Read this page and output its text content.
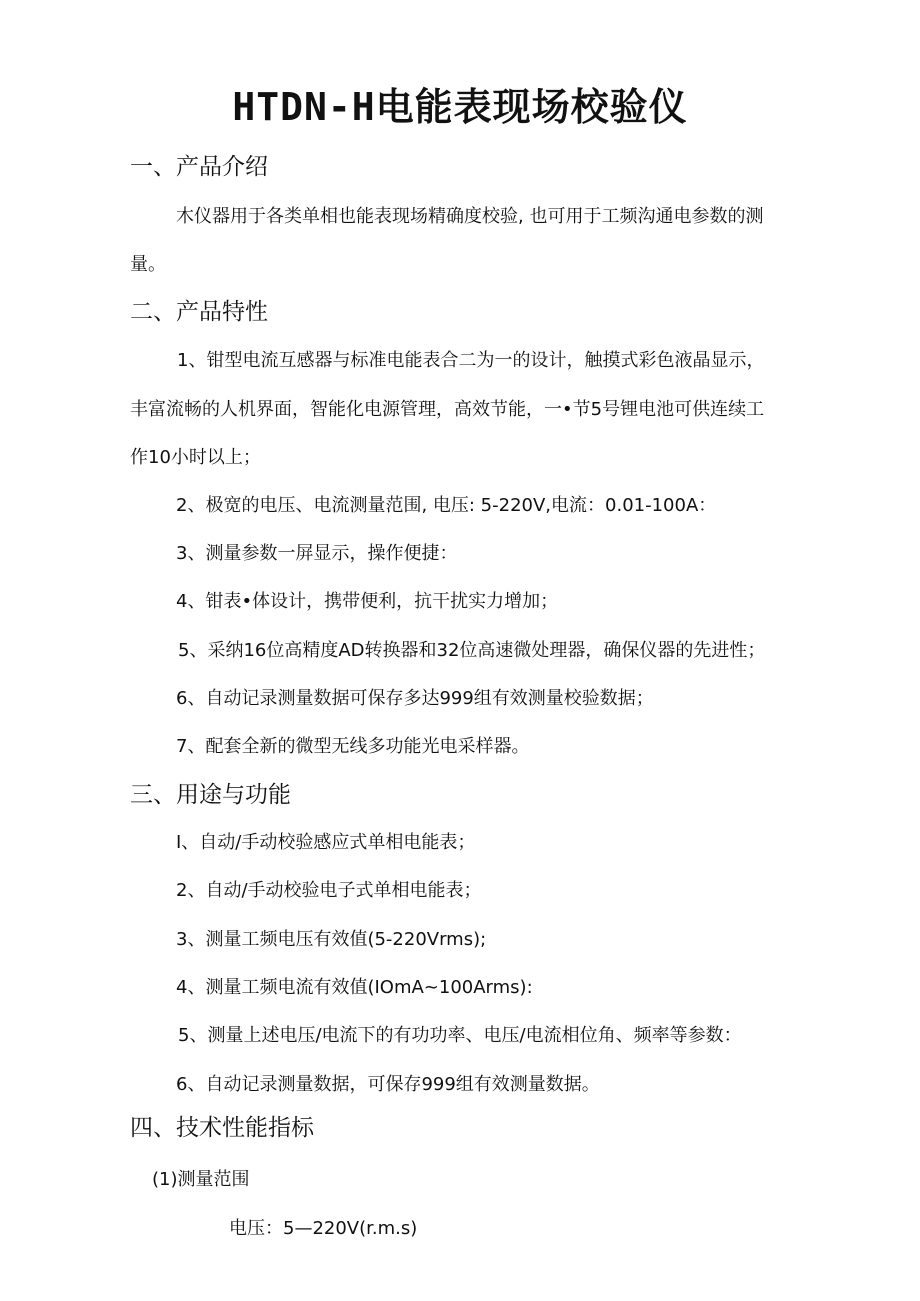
HTDN-H电能表现场校验仪
一、产品介绍
木仪器用于各类单相也能表现场精确度校验, 也可用于工频沟通电参数的测
量。
二、产品特性
1、钳型电流互感器与标准电能表合二为一的设计，触摸式彩色液晶显示，
丰富流畅的人机界面，智能化电源管理，高效节能，一•节5号锂电池可供连续工
作10小时以上；
2、极宽的电压、电流测量范围, 电压: 5-220V,电流：0.01-100A：
3、测量参数一屏显示，操作便捷：
4、钳表•体设计，携带便利，抗干扰实力增加；
5、采纳16位高精度AD转换器和32位高速微处理器，确保仪器的先进性；
6、自动记录测量数据可保存多达999组有效测量校验数据；
7、配套全新的微型无线多功能光电采样器。
三、用途与功能
I、自动/手动校验感应式单相电能表；
2、自动/手动校验电子式单相电能表；
3、测量工频电压有效值(5-220Vrms);
4、测量工频电流有效值(IOmA~100Arms):
5、测量上述电压/电流下的有功功率、电压/电流相位角、频率等参数：
6、自动记录测量数据，可保存999组有效测量数据。
四、技术性能指标
(1)测量范围
电压：5—220V(r.m.s)
